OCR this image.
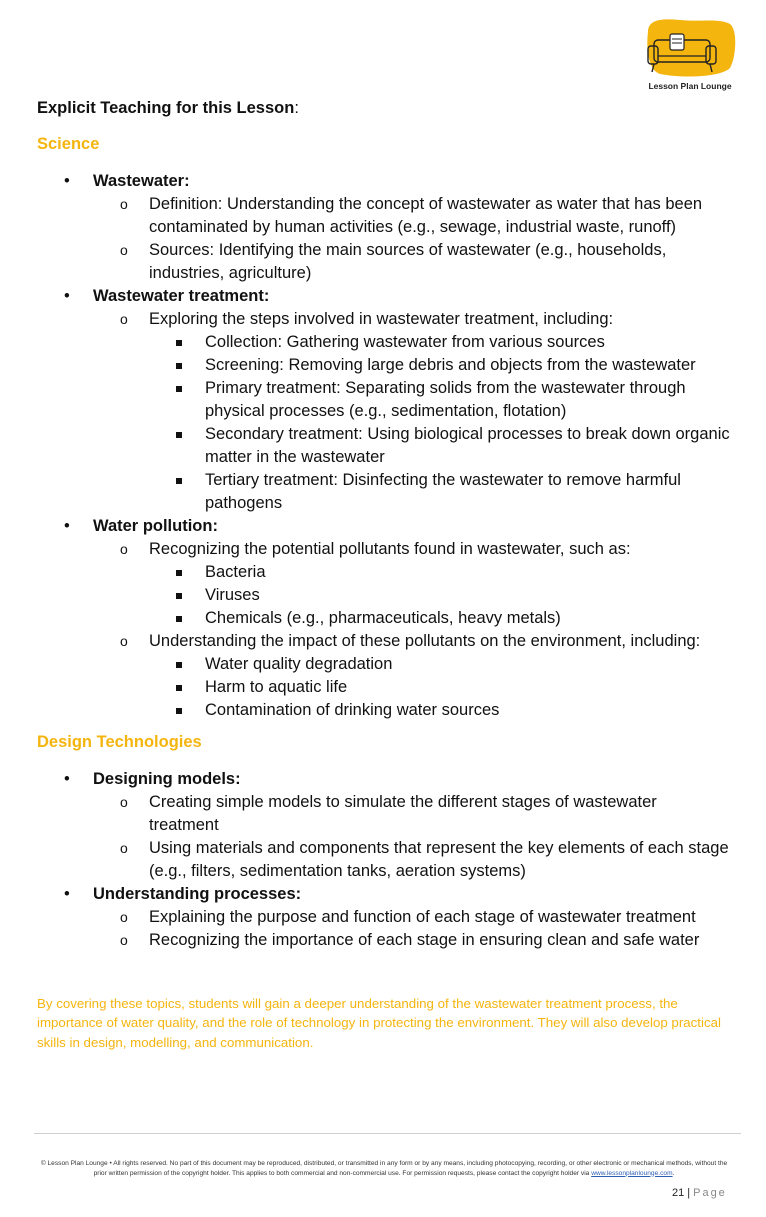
Lesson Plan Lounge
Explicit Teaching for this Lesson:
Science
• Wastewater:
o Definition: Understanding the concept of wastewater as water that has been contaminated by human activities (e.g., sewage, industrial waste, runoff)
o Sources: Identifying the main sources of wastewater (e.g., households, industries, agriculture)
• Wastewater treatment:
o Exploring the steps involved in wastewater treatment, including:
Collection: Gathering wastewater from various sources
Screening: Removing large debris and objects from the wastewater
Primary treatment: Separating solids from the wastewater through physical processes (e.g., sedimentation, flotation)
Secondary treatment: Using biological processes to break down organic matter in the wastewater
Tertiary treatment: Disinfecting the wastewater to remove harmful pathogens
• Water pollution:
o Recognizing the potential pollutants found in wastewater, such as:
Bacteria
Viruses
Chemicals (e.g., pharmaceuticals, heavy metals)
o Understanding the impact of these pollutants on the environment, including:
Water quality degradation
Harm to aquatic life
Contamination of drinking water sources
Design Technologies
• Designing models:
o Creating simple models to simulate the different stages of wastewater treatment
o Using materials and components that represent the key elements of each stage (e.g., filters, sedimentation tanks, aeration systems)
• Understanding processes:
o Explaining the purpose and function of each stage of wastewater treatment
o Recognizing the importance of each stage in ensuring clean and safe water
By covering these topics, students will gain a deeper understanding of the wastewater treatment process, the importance of water quality, and the role of technology in protecting the environment. They will also develop practical skills in design, modelling, and communication.
© Lesson Plan Lounge • All rights reserved. No part of this document may be reproduced, distributed, or transmitted in any form or by any means, including photocopying, recording, or other electronic or mechanical methods, without the prior written permission of the copyright holder. This applies to both commercial and non-commercial use. For permission requests, please contact the copyright holder via www.lessonplanlounge.com.
21 | Page
